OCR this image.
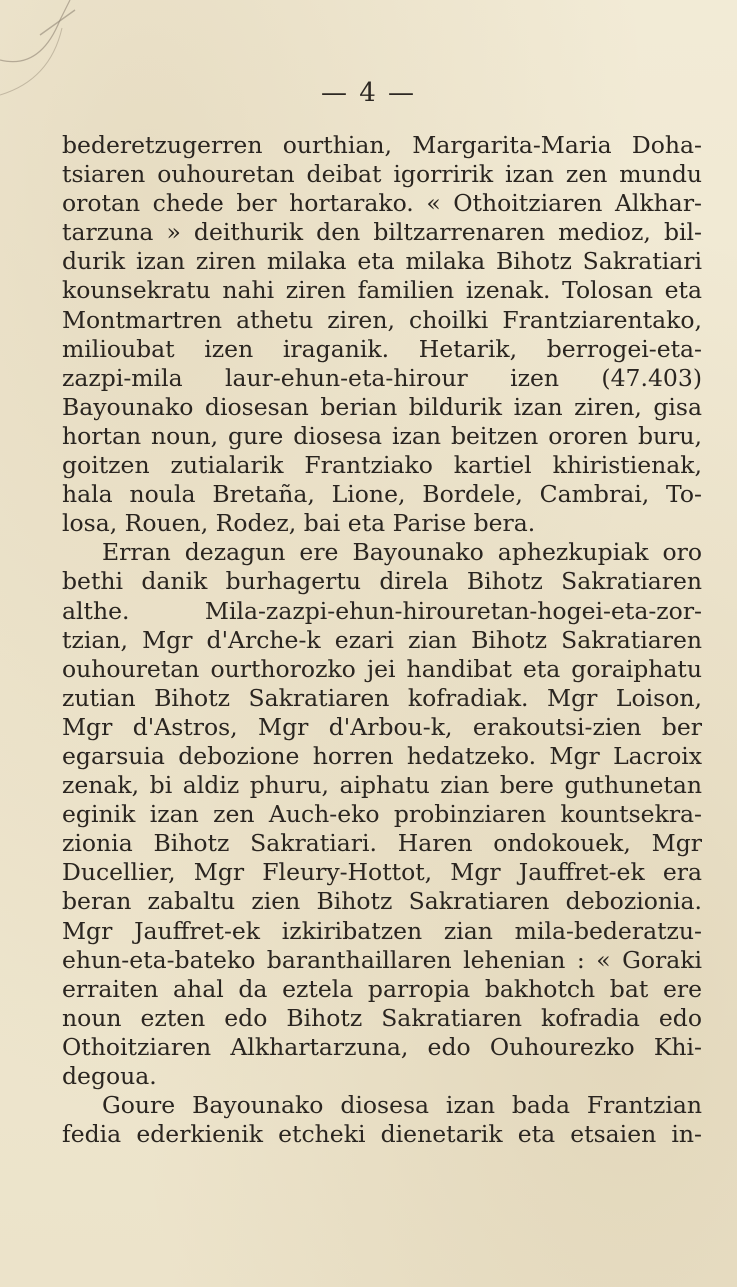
— 4 —
bederetzugerren ourthian, Margarita-Maria Doha-
tsiaren ouhouretan deibat igorririk izan zen mundu
orotan chede ber hortarako. « Othoitziaren Alkhar-
tarzuna » deithurik den biltzarrenaren medioz, bil-
durik izan ziren milaka eta milaka Bihotz Sakratiari
kounsekratu nahi ziren familien izenak. Tolosan eta
Montmartren athetu ziren, choilki Frantziarentako,
milioubat izen iraganik. Hetarik, berrogei-eta-
zazpi-mila laur-ehun-eta-hirour izen (47.403)
Bayounako diosesan berian bildurik izan ziren, gisa
hortan noun, gure diosesa izan beitzen ororen buru,
goitzen zutialarik Frantziako kartiel khiristienak,
hala noula Bretaña, Lione, Bordele, Cambrai, To-
losa, Rouen, Rodez, bai eta Parise bera.
Erran dezagun ere Bayounako aphezkupiak oro
bethi danik burhagertu direla Bihotz Sakratiaren
althe. Mila-zazpi-ehun-hirouretan-hogei-eta-zor-
tzian, Mgr d'Arche-k ezari zian Bihotz Sakratiaren
ouhouretan ourthorozko jei handibat eta goraiphatu
zutian Bihotz Sakratiaren kofradiak. Mgr Loison,
Mgr d'Astros, Mgr d'Arbou-k, erakoutsi-zien ber
egarsuia debozione horren hedatzeko. Mgr Lacroix
zenak, bi aldiz phuru, aiphatu zian bere guthunetan
eginik izan zen Auch-eko probinziaren kountsekra-
zionia Bihotz Sakratiari. Haren ondokouek, Mgr
Ducellier, Mgr Fleury-Hottot, Mgr Jauffret-ek era
beran zabaltu zien Bihotz Sakratiaren debozionia.
Mgr Jauffret-ek izkiribatzen zian mila-bederatzu-
ehun-eta-bateko baranthaillaren lehenian : « Goraki
erraiten ahal da eztela parropia bakhotch bat ere
noun ezten edo Bihotz Sakratiaren kofradia edo
Othoitziaren Alkhartarzuna, edo Ouhourezko Khi-
degoua.
Goure Bayounako diosesa izan bada Frantzian
fedia ederkienik etcheki dienetarik eta etsaien in-
